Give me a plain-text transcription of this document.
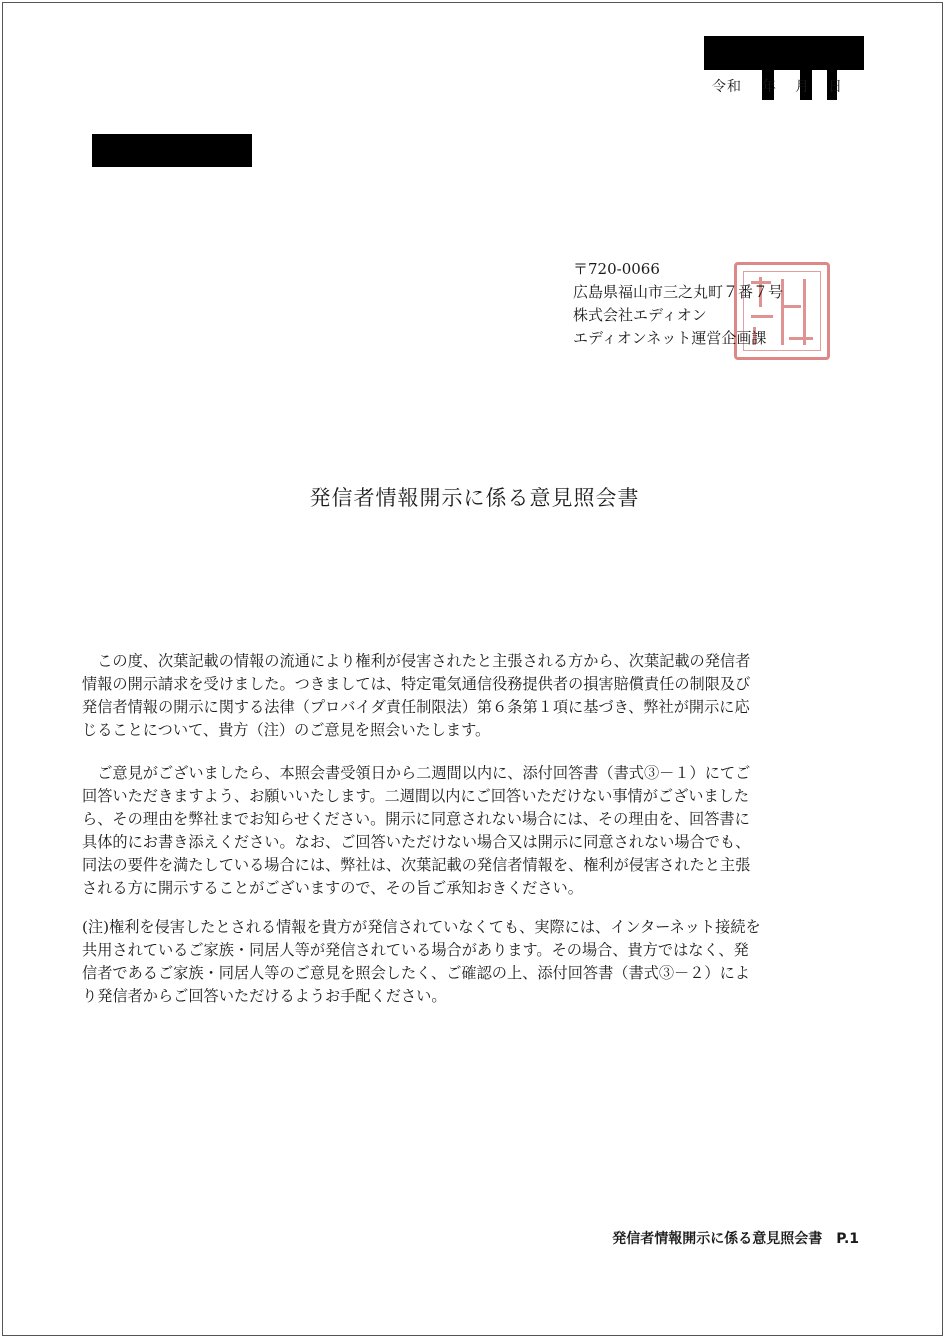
令和 年 月 日
〒720-0066
広島県福山市三之丸町７番７号
株式会社エディオン
エディオンネット運営企画課
発信者情報開示に係る意見照会書
　この度、次葉記載の情報の流通により権利が侵害されたと主張される方から、次葉記載の発信者
情報の開示請求を受けました。つきましては、特定電気通信役務提供者の損害賠償責任の制限及び
発信者情報の開示に関する法律（プロバイダ責任制限法）第６条第１項に基づき、弊社が開示に応
じることについて、貴方（注）のご意見を照会いたします。
　ご意見がございましたら、本照会書受領日から二週間以内に、添付回答書（書式③－１）にてご
回答いただきますよう、お願いいたします。二週間以内にご回答いただけない事情がございました
ら、その理由を弊社までお知らせください。開示に同意されない場合には、その理由を、回答書に
具体的にお書き添えください。なお、ご回答いただけない場合又は開示に同意されない場合でも、
同法の要件を満たしている場合には、弊社は、次葉記載の発信者情報を、権利が侵害されたと主張
される方に開示することがございますので、その旨ご承知おきください。
(注)権利を侵害したとされる情報を貴方が発信されていなくても、実際には、インターネット接続を
共用されているご家族・同居人等が発信されている場合があります。その場合、貴方ではなく、発
信者であるご家族・同居人等のご意見を照会したく、ご確認の上、添付回答書（書式③－２）によ
り発信者からご回答いただけるようお手配ください。
発信者情報開示に係る意見照会書 P.1
